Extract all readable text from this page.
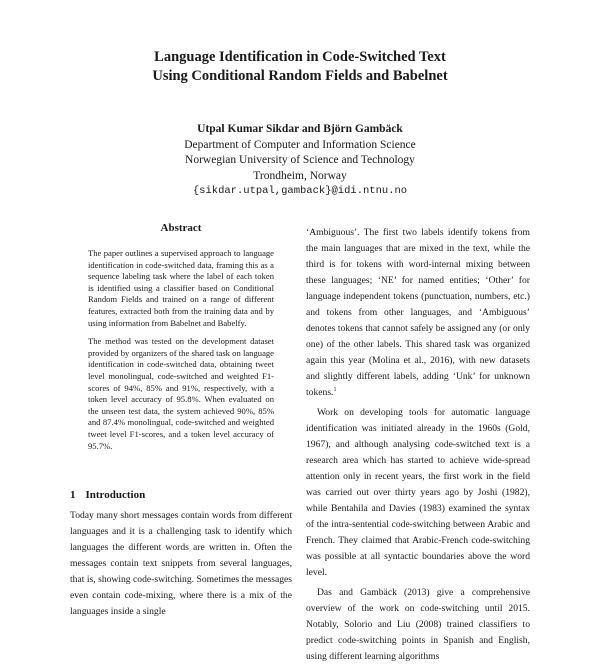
Language Identification in Code-Switched Text
Using Conditional Random Fields and Babelnet
Utpal Kumar Sikdar and Björn Gambäck
Department of Computer and Information Science
Norwegian University of Science and Technology
Trondheim, Norway
{sikdar.utpal,gamback}@idi.ntnu.no
Abstract

The paper outlines a supervised approach to language identification in code-switched data, framing this as a sequence labeling task where the label of each token is identified using a classifier based on Conditional Random Fields and trained on a range of different features, extracted both from the training data and by using information from Babelnet and Babelfy.

The method was tested on the development dataset provided by organizers of the shared task on language identification in code-switched data, obtaining tweet level monolingual, code-switched and weighted F1-scores of 94%, 85% and 91%, respectively, with a token level accuracy of 95.8%. When evaluated on the unseen test data, the system achieved 90%, 85% and 87.4% monolingual, code-switched and weighted tweet level F1-scores, and a token level accuracy of 95.7%.

1 Introduction

Today many short messages contain words from different languages and it is a challenging task to identify which languages the different words are written in. Often the messages contain text snippets from several languages, that is, showing code-switching. Sometimes the messages even contain code-mixing, where there is a mix of the languages inside a single

‘Ambiguous’. The first two labels identify tokens from the main languages that are mixed in the text, while the third is for tokens with word-internal mixing between these languages; ‘NE’ for named entities; ‘Other’ for language independent tokens (punctuation, numbers, etc.) and tokens from other languages, and ‘Ambiguous’ denotes tokens that cannot safely be assigned any (or only one) of the other labels. This shared task was organized again this year (Molina et al., 2016), with new datasets and slightly different labels, adding ‘Unk’ for unknown tokens.$^1$

Work on developing tools for automatic language identification was initiated already in the 1960s (Gold, 1967), and although analysing code-switched text is a research area which has started to achieve wide-spread attention only in recent years, the first work in the field was carried out over thirty years ago by Joshi (1982), while Bentahila and Davies (1983) examined the syntax of the intra-sentential code-switching between Arabic and French. They claimed that Arabic-French code-switching was possible at all syntactic boundaries above the word level.

Das and Gambäck (2013) give a comprehensive overview of the work on code-switching until 2015. Notably, Solorio and Liu (2008) trained classifiers to predict code-switching points in Spanish and English, using different learning algorithms
